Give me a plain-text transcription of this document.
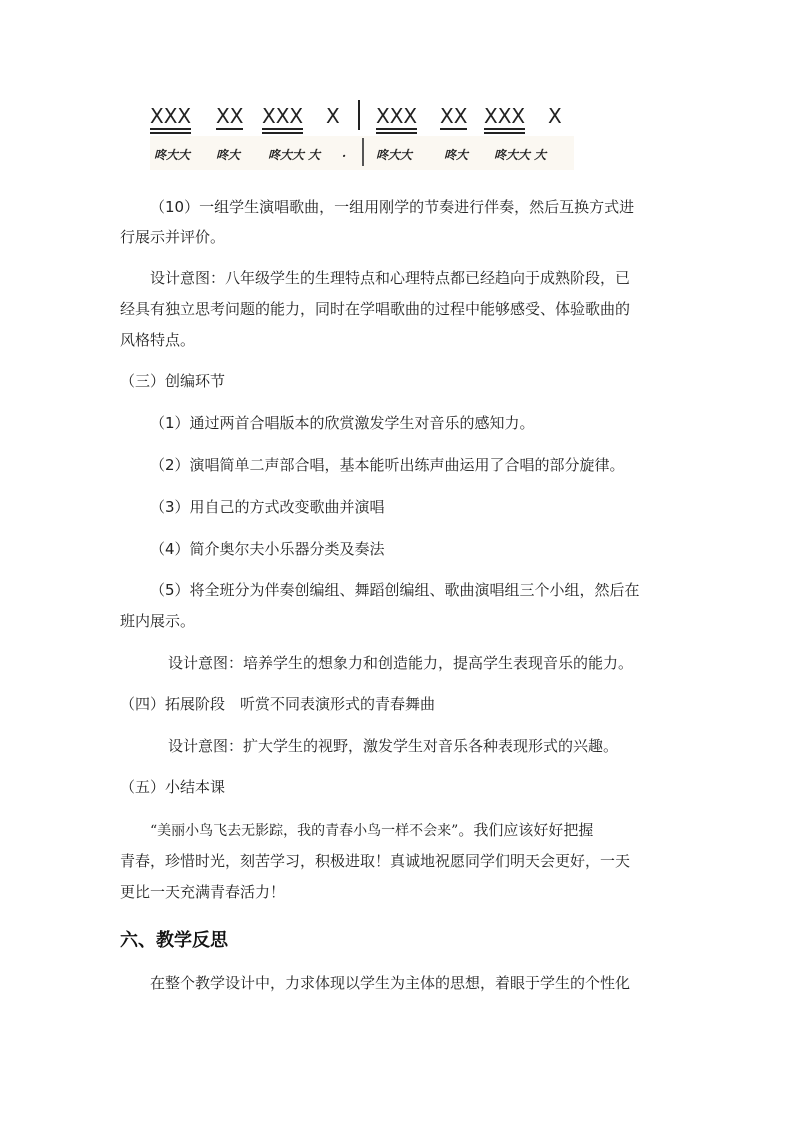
XXX XX XXX X XXX XX XXX X
咚大大 咚大 咚大大 大 . 咚大大	咚大 咚大大 大
（10）一组学生演唱歌曲，一组用刚学的节奏进行伴奏，然后互换方式进
行展示并评价。
设计意图：八年级学生的生理特点和心理特点都已经趋向于成熟阶段，已
经具有独立思考问题的能力，同时在学唱歌曲的过程中能够感受、体验歌曲的
风格特点。
（三）创编环节
（1）通过两首合唱版本的欣赏激发学生对音乐的感知力。
（2）演唱简单二声部合唱，基本能听出练声曲运用了合唱的部分旋律。
（3）用自己的方式改变歌曲并演唱
（4）简介奥尔夫小乐器分类及奏法
（5）将全班分为伴奏创编组、舞蹈创编组、歌曲演唱组三个小组，然后在
班内展示。
设计意图：培养学生的想象力和创造能力，提高学生表现音乐的能力。
（四）拓展阶段　听赏不同表演形式的青春舞曲
设计意图：扩大学生的视野，激发学生对音乐各种表现形式的兴趣。
（五）小结本课
“美丽小鸟飞去无影踪，我的青春小鸟一样不会来”。我们应该好好把握
青春，珍惜时光，刻苦学习，积极进取！真诚地祝愿同学们明天会更好，一天
更比一天充满青春活力！
六、教学反思
在整个教学设计中，力求体现以学生为主体的思想，着眼于学生的个性化
